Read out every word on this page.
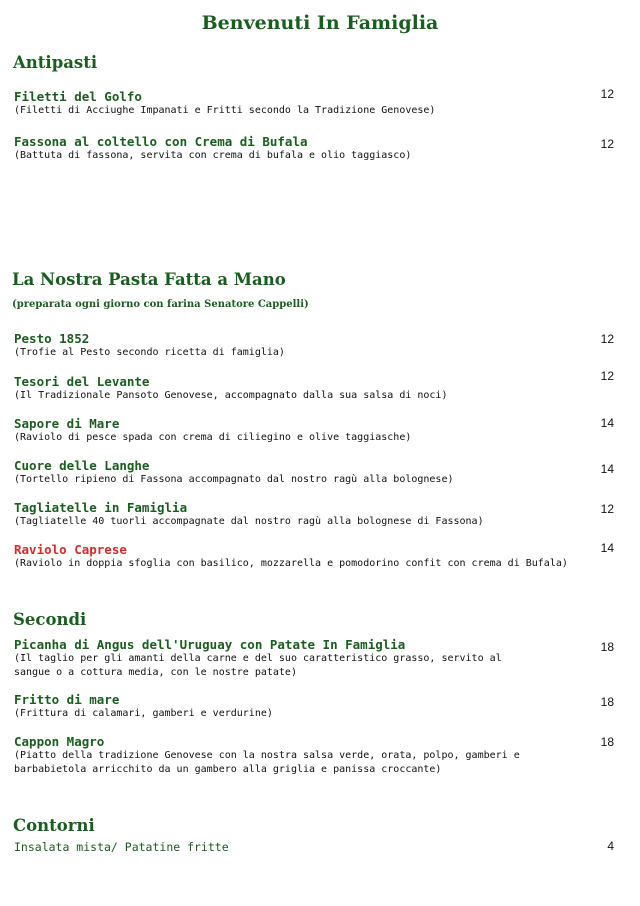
Benvenuti In Famiglia
Antipasti
Filetti del Golfo
(Filetti di Acciughe Impanati e Fritti secondo la Tradizione Genovese)
12
Fassona al coltello con Crema di Bufala
(Battuta di fassona, servita con crema di bufala e olio taggiasco)
12
La Nostra Pasta Fatta a Mano
(preparata ogni giorno con farina Senatore Cappelli)
Pesto 1852
(Trofie al Pesto secondo ricetta di famiglia)
12
Tesori del Levante
(Il Tradizionale Pansoto Genovese, accompagnato dalla sua salsa di noci)
12
Sapore di Mare
(Raviolo di pesce spada con crema di ciliegino e olive taggiasche)
14
Cuore delle Langhe
(Tortello ripieno di Fassona accompagnato dal nostro ragù alla bolognese)
14
Tagliatelle in Famiglia
(Tagliatelle 40 tuorli accompagnate dal nostro ragù alla bolognese di Fassona)
12
Raviolo Caprese
(Raviolo in doppia sfoglia con basilico, mozzarella e pomodorino confit con crema di Bufala)
14
Secondi
Picanha di Angus dell'Uruguay con Patate In Famiglia
(Il taglio per gli amanti della carne e del suo caratteristico grasso, servito al
sangue o a cottura media, con le nostre patate)
18
Fritto di mare
(Frittura di calamari, gamberi e verdurine)
18
Cappon Magro
(Piatto della tradizione Genovese con la nostra salsa verde, orata, polpo, gamberi e
barbabietola arricchito da un gambero alla griglia e panissa croccante)
18
Contorni
Insalata mista/ Patatine fritte	4
